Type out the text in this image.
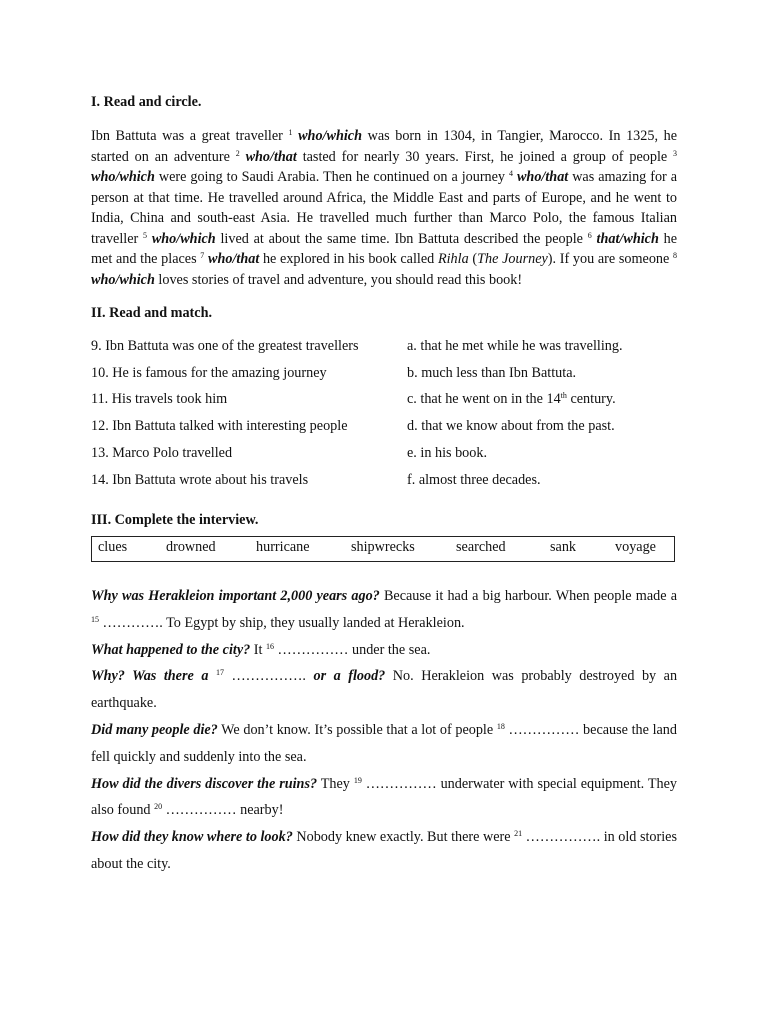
I. Read and circle.

Ibn Battuta was a great traveller $^1$ who/which was born in 1304, in Tangier, Marocco. In 1325, he started on an adventure $^2$ who/that tasted for nearly 30 years. First, he joined a group of people $^3$ who/which were going to Saudi Arabia. Then he continued on a journey $^4$ who/that was amazing for a person at that time. He travelled around Africa, the Middle East and parts of Europe, and he went to India, China and south-east Asia. He travelled much further than Marco Polo, the famous Italian traveller $^5$ who/which lived at about the same time. Ibn Battuta described the people $^6$ that/which he met and the places $^7$ who/that he explored in his book called Rihla (The Journey). If you are someone $^8$ who/which loves stories of travel and adventure, you should read this book!

II. Read and match.
9. Ibn Battuta was one of the greatest travellers	a. that he met while he was travelling.
10. He is famous for the amazing journey	b. much less than Ibn Battuta.
11. His travels took him	c. that he went on in the 14th century.
12. Ibn Battuta talked with interesting people	d. that we know about from the past.
13. Marco Polo travelled	e. in his book.
14. Ibn Battuta wrote about his travels	f. almost three decades.
III. Complete the interview.
clues	drowned	hurricane	shipwrecks	searched	sank	voyage

Why was Herakleion important 2,000 years ago? Because it had a big harbour. When people made a $^{15}$ …………. To Egypt by ship, they usually landed at Herakleion.

What happened to the city? It $^{16}$ …………… under the sea.

Why? Was there a $^{17}$ ……………. or a flood? No. Herakleion was probably destroyed by an earthquake.

Did many people die? We don’t know. It’s possible that a lot of people $^{18}$ …………… because the land fell quickly and suddenly into the sea.

How did the divers discover the ruins? They $^{19}$ …………… underwater with special equipment. They also found $^{20}$ …………… nearby!

How did they know where to look? Nobody knew exactly. But there were $^{21}$ ……………. in old stories about the city.
